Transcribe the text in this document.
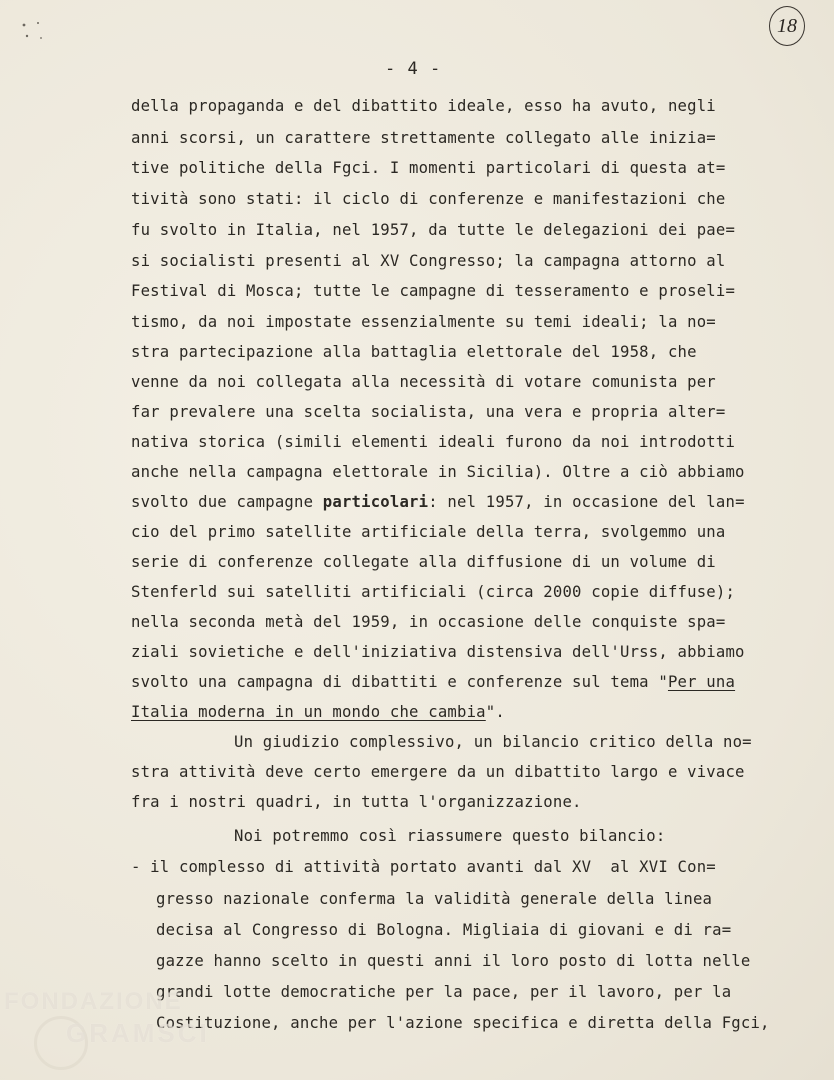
18
- 4 -
della propaganda e del dibattito ideale, esso ha avuto, negli
anni scorsi, un carattere strettamente collegato alle inizia=
tive politiche della Fgci. I momenti particolari di questa at=
tività sono stati: il ciclo di conferenze e manifestazioni che
fu svolto in Italia, nel 1957, da tutte le delegazioni dei pae=
si socialisti presenti al XV Congresso; la campagna attorno al
Festival di Mosca; tutte le campagne di tesseramento e proseli=
tismo, da noi impostate essenzialmente su temi ideali; la no=
stra partecipazione alla battaglia elettorale del 1958, che
venne da noi collegata alla necessità di votare comunista per
far prevalere una scelta socialista, una vera e propria alter=
nativa storica (simili elementi ideali furono da noi introdotti
anche nella campagna elettorale in Sicilia). Oltre a ciò abbiamo
svolto due campagne particolari: nel 1957, in occasione del lan=
cio del primo satellite artificiale della terra, svolgemmo una
serie di conferenze collegate alla diffusione di un volume di
Stenferld sui satelliti artificiali (circa 2000 copie diffuse);
nella seconda metà del 1959, in occasione delle conquiste spa=
ziali sovietiche e dell'iniziativa distensiva dell'Urss, abbiamo
svolto una campagna di dibattiti e conferenze sul tema "Per una
Italia moderna in un mondo che cambia".
Un giudizio complessivo, un bilancio critico della no=
stra attività deve certo emergere da un dibattito largo e vivace
fra i nostri quadri, in tutta l'organizzazione.
Noi potremmo così riassumere questo bilancio:
- il complesso di attività portato avanti dal XV  al XVI Con=
gresso nazionale conferma la validità generale della linea
decisa al Congresso di Bologna. Migliaia di giovani e di ra=
gazze hanno scelto in questi anni il loro posto di lotta nelle
grandi lotte democratiche per la pace, per il lavoro, per la
Costituzione, anche per l'azione specifica e diretta della Fgci,
FONDAZIONE
GRAMSCI
